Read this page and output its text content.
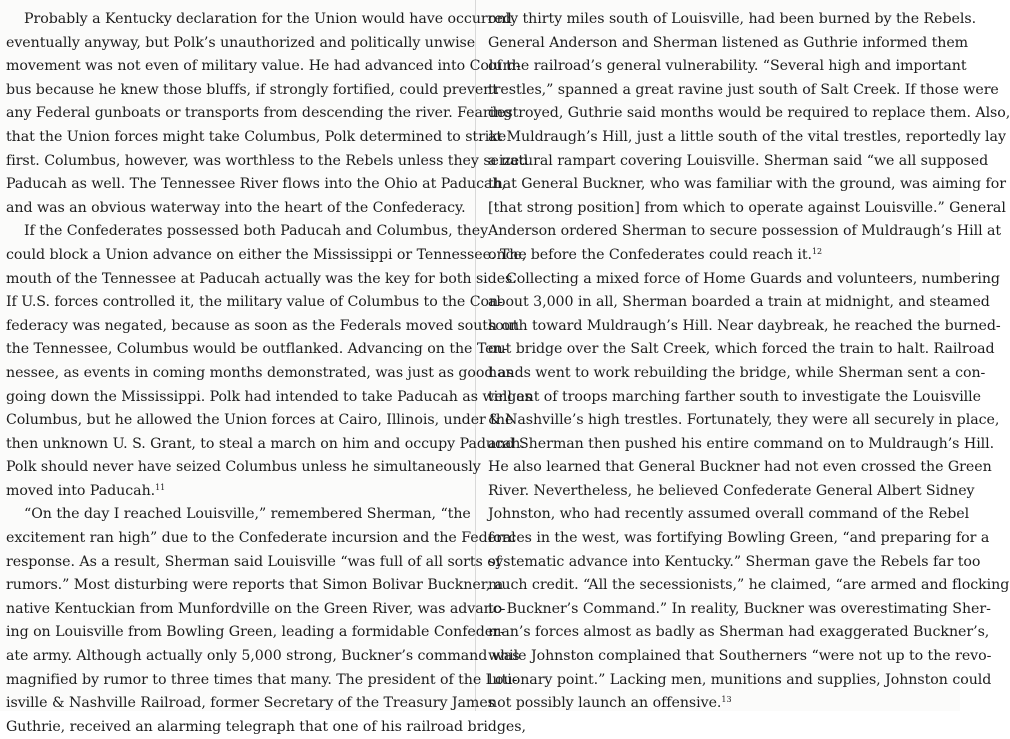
Probably a Kentucky declaration for the Union would have occurred
eventually anyway, but Polk’s unauthorized and politically unwise
movement was not even of military value. He had advanced into Colum-
bus because he knew those bluffs, if strongly fortified, could prevent
any Federal gunboats or transports from descending the river. Fearing
that the Union forces might take Columbus, Polk determined to strike
first. Columbus, however, was worthless to the Rebels unless they seized
Paducah as well. The Tennessee River flows into the Ohio at Paducah,
and was an obvious waterway into the heart of the Confederacy.
If the Confederates possessed both Paducah and Columbus, they
could block a Union advance on either the Mississippi or Tennessee. The
mouth of the Tennessee at Paducah actually was the key for both sides.
If U.S. forces controlled it, the military value of Columbus to the Con-
federacy was negated, because as soon as the Federals moved south on
the Tennessee, Columbus would be outflanked. Advancing on the Ten-
nessee, as events in coming months demonstrated, was just as good as
going down the Mississippi. Polk had intended to take Paducah as well as
Columbus, but he allowed the Union forces at Cairo, Illinois, under the
then unknown U. S. Grant, to steal a march on him and occupy Paducah.
Polk should never have seized Columbus unless he simultaneously
moved into Paducah.$^{11}$
“On the day I reached Louisville,” remembered Sherman, “the
excitement ran high” due to the Confederate incursion and the Federal
response. As a result, Sherman said Louisville “was full of all sorts of
rumors.” Most disturbing were reports that Simon Bolivar Buckner, a
native Kentuckian from Munfordville on the Green River, was advanc-
ing on Louisville from Bowling Green, leading a formidable Confeder-
ate army. Although actually only 5,000 strong, Buckner’s command was
magnified by rumor to three times that many. The president of the Lou-
isville & Nashville Railroad, former Secretary of the Treasury James
Guthrie, received an alarming telegraph that one of his railroad bridges,
only thirty miles south of Louisville, had been burned by the Rebels.
General Anderson and Sherman listened as Guthrie informed them
of the railroad’s general vulnerability. “Several high and important
trestles,” spanned a great ravine just south of Salt Creek. If those were
destroyed, Guthrie said months would be required to replace them. Also,
at Muldraugh’s Hill, just a little south of the vital trestles, reportedly lay
a natural rampart covering Louisville. Sherman said “we all supposed
that General Buckner, who was familiar with the ground, was aiming for
[that strong position] from which to operate against Louisville.” General
Anderson ordered Sherman to secure possession of Muldraugh’s Hill at
once, before the Confederates could reach it.$^{12}$
Collecting a mixed force of Home Guards and volunteers, numbering
about 3,000 in all, Sherman boarded a train at midnight, and steamed
south toward Muldraugh’s Hill. Near daybreak, he reached the burned-
out bridge over the Salt Creek, which forced the train to halt. Railroad
hands went to work rebuilding the bridge, while Sherman sent a con-
tingent of troops marching farther south to investigate the Louisville
& Nashville’s high trestles. Fortunately, they were all securely in place,
and Sherman then pushed his entire command on to Muldraugh’s Hill.
He also learned that General Buckner had not even crossed the Green
River. Nevertheless, he believed Confederate General Albert Sidney
Johnston, who had recently assumed overall command of the Rebel
forces in the west, was fortifying Bowling Green, “and preparing for a
systematic advance into Kentucky.” Sherman gave the Rebels far too
much credit. “All the secessionists,” he claimed, “are armed and flocking
to Buckner’s Command.” In reality, Buckner was overestimating Sher-
man’s forces almost as badly as Sherman had exaggerated Buckner’s,
while Johnston complained that Southerners “were not up to the revo-
lutionary point.” Lacking men, munitions and supplies, Johnston could
not possibly launch an offensive.$^{13}$
